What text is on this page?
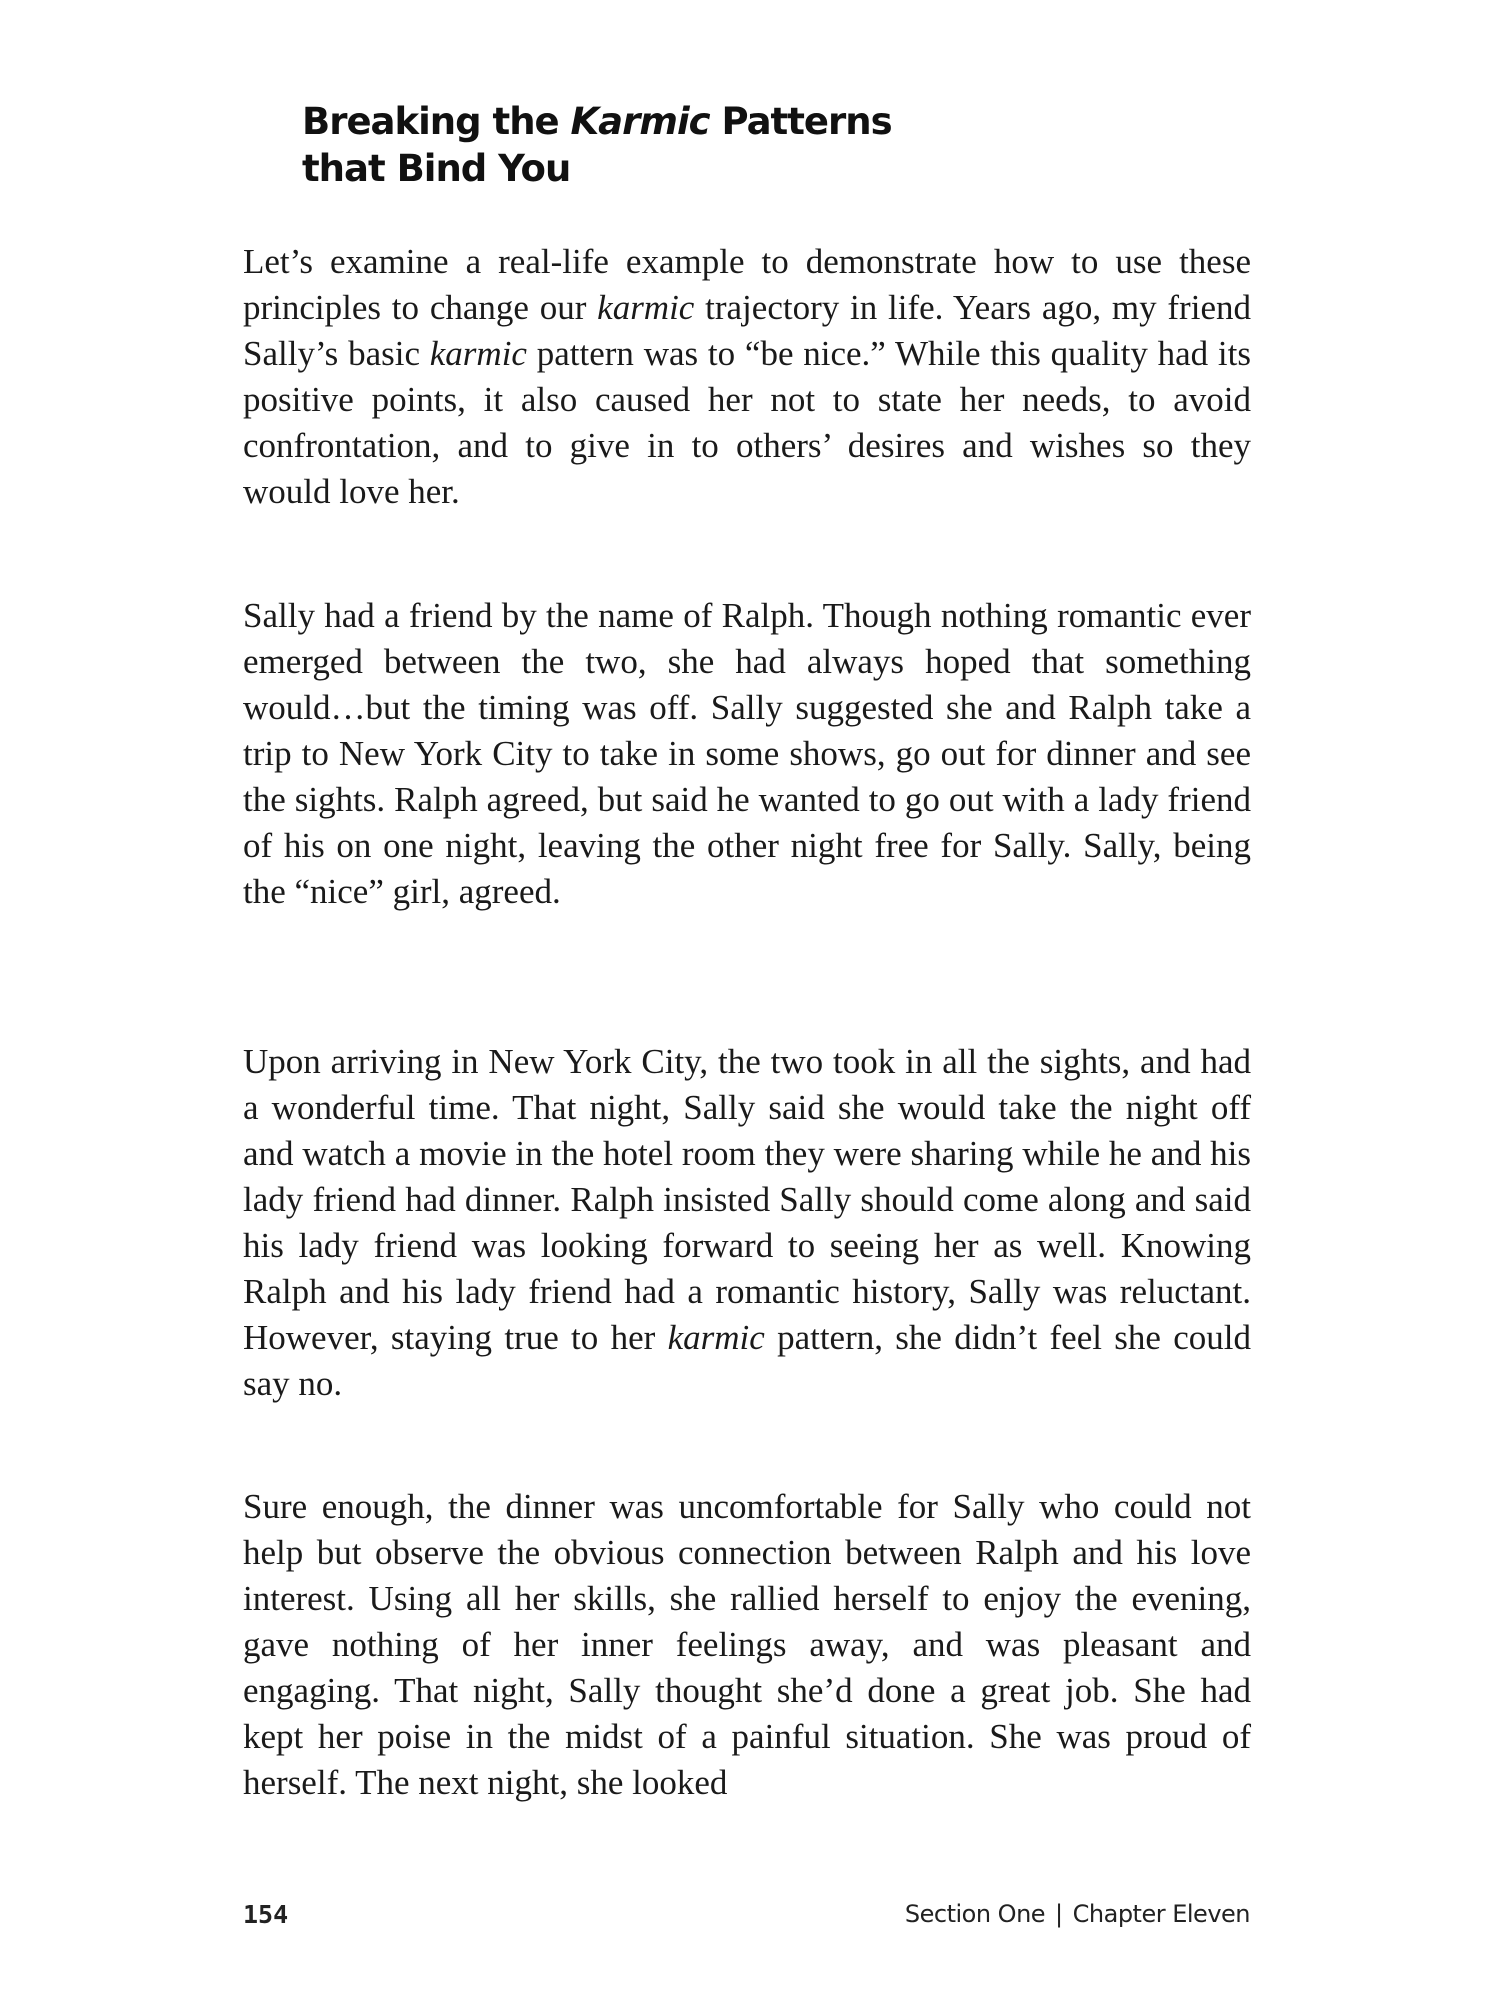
Breaking the Karmic Patterns
that Bind You

Let’s examine a real-life example to demonstrate how to use these principles to change our karmic trajectory in life. Years ago, my friend Sally’s basic karmic pattern was to “be nice.” While this quality had its positive points, it also caused her not to state her needs, to avoid confrontation, and to give in to others’ desires and wishes so they would love her.

Sally had a friend by the name of Ralph. Though nothing romantic ever emerged between the two, she had always hoped that something would…but the timing was off. Sally suggested she and Ralph take a trip to New York City to take in some shows, go out for dinner and see the sights. Ralph agreed, but said he wanted to go out with a lady friend of his on one night, leaving the other night free for Sally. Sally, being the “nice” girl, agreed.

Upon arriving in New York City, the two took in all the sights, and had a wonderful time. That night, Sally said she would take the night off and watch a movie in the hotel room they were sharing while he and his lady friend had dinner. Ralph insisted Sally should come along and said his lady friend was looking forward to seeing her as well. Knowing Ralph and his lady friend had a romantic history, Sally was reluctant. However, staying true to her karmic pattern, she didn’t feel she could say no.

Sure enough, the dinner was uncomfortable for Sally who could not help but observe the obvious connection between Ralph and his love interest. Using all her skills, she rallied herself to enjoy the evening, gave nothing of her inner feelings away, and was pleasant and engaging. That night, Sally thought she’d done a great job. She had kept her poise in the midst of a painful situation. She was proud of herself. The next night, she looked

154	Section One | Chapter Eleven
